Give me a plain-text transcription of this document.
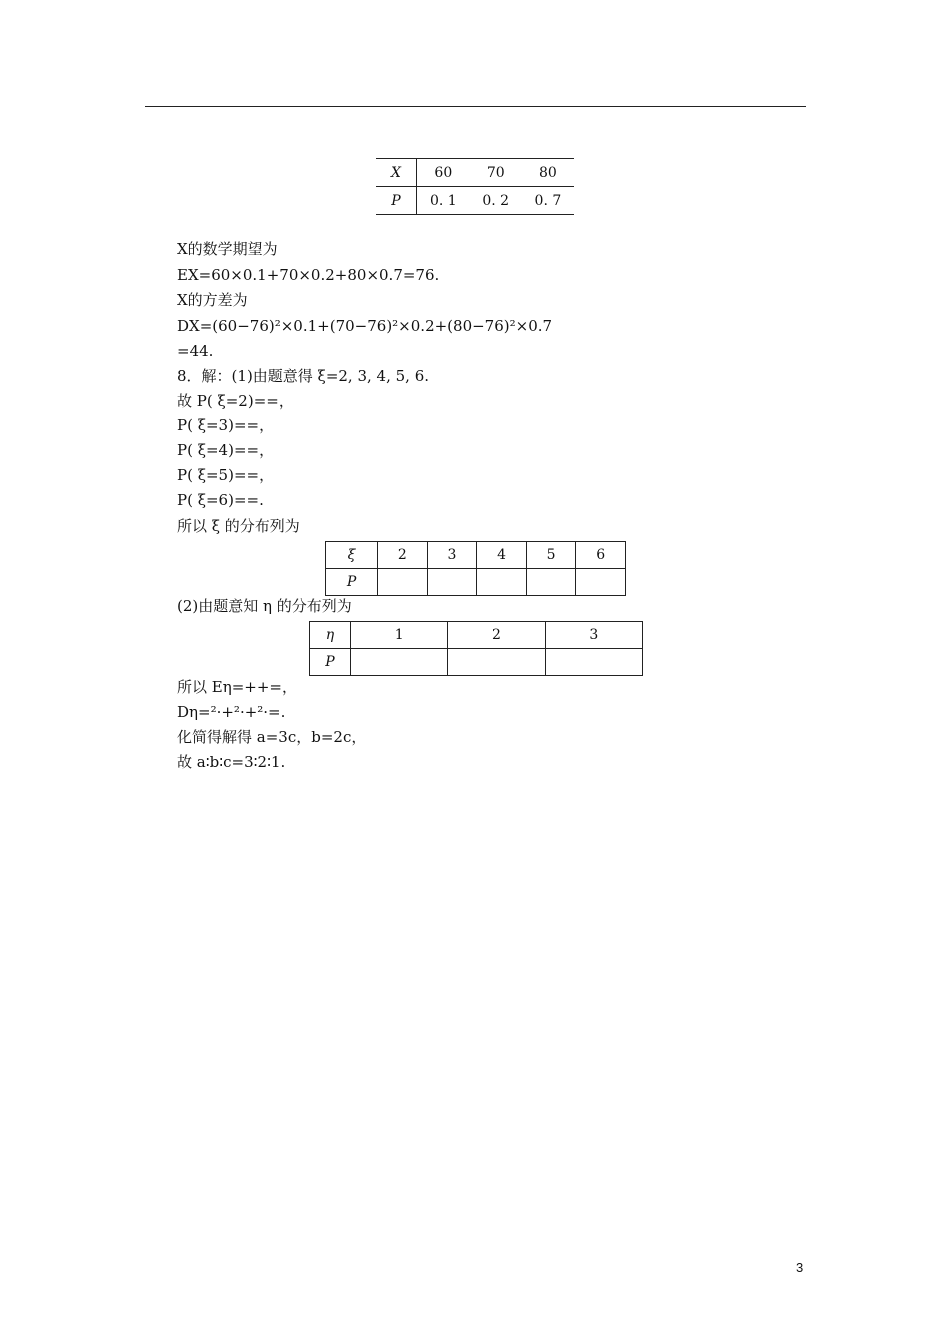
X	60	70	80
P	0. 1	0. 2	0. 7
X的数学期望为
EX=60×0.1+70×0.2+80×0.7=76.
X的方差为
DX=(60−76)²×0.1+(70−76)²×0.2+(80−76)²×0.7
=44.
8．解：(1)由题意得 ξ=2, 3, 4, 5, 6.
故 P( ξ=2)==，
P( ξ=3)==，
P( ξ=4)==，
P( ξ=5)==，
P( ξ=6)==.
所以 ξ 的分布列为
ξ	2	3	4	5	6
P					
(2)由题意知 η 的分布列为
η	1	2	3
P			
所以 Eη=++=，
Dη=²·+²·+²·=.
化简得解得 a=3c，b=2c，
故 a∶b∶c=3∶2∶1.
3
